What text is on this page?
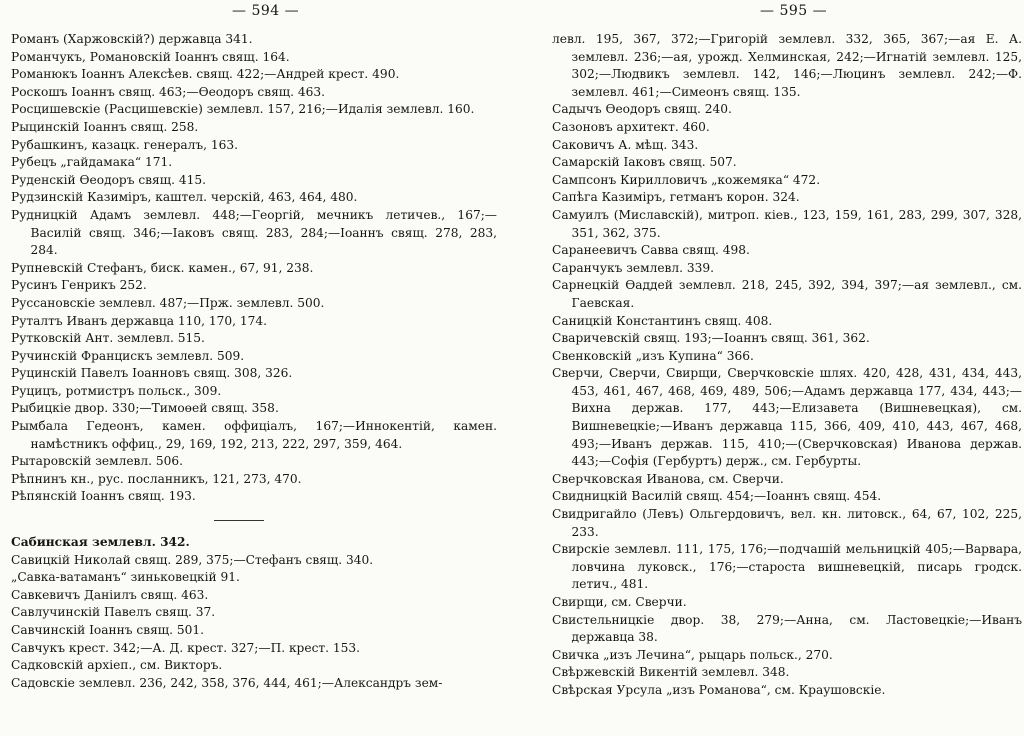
— 594 —

Романъ (Харжовскій?) державца 341.

Романчукъ, Романовскій Іоаннъ свящ. 164.

Романюкъ Іоаннъ Алексѣев. свящ. 422;—Андрей крест. 490.

Роскошъ Іоаннъ свящ. 463;—Өеодоръ свящ. 463.

Росцишевскіе (Расцишевскіе) землевл. 157, 216;—Идалія землевл. 160.

Рыцинскій Іоаннъ свящ. 258.

Рубашкинъ, казацк. генералъ, 163.

Рубецъ „гайдамака“ 171.

Руденскій Өеодоръ свящ. 415.

Рудзинскій Казиміръ, каштел. черскій, 463, 464, 480.

Рудницкій Адамъ землевл. 448;—Георгій, мечникъ летичев., 167;—Василій свящ. 346;—Іаковъ свящ. 283, 284;—Іоаннъ свящ. 278, 283, 284.

Рупневскій Стефанъ, биск. камен., 67, 91, 238.

Русинъ Генрикъ 252.

Руссановскіе землевл. 487;—Прж. землевл. 500.

Руталтъ Иванъ державца 110, 170, 174.

Рутковскій Ант. землевл. 515.

Ручинскій Францискъ землевл. 509.

Руцинскій Павелъ Іоанновъ свящ. 308, 326.

Руцицъ, ротмистръ польск., 309.

Рыбицкіе двор. 330;—Тимоөей свящ. 358.

Рымбала Гедеонъ, камен. оффиціалъ, 167;—Иннокентій, камен. намѣстникъ оффиц., 29, 169, 192, 213, 222, 297, 359, 464.

Рытаровскій землевл. 506.

Рѣпнинъ кн., рус. посланникъ, 121, 273, 470.

Рѣпянскій Іоаннъ свящ. 193.

Сабинская землевл. 342.

Савицкій Николай свящ. 289, 375;—Стефанъ свящ. 340.

„Савка-ватаманъ“ зиньковецкій 91.

Савкевичъ Даніилъ свящ. 463.

Савлучинскій Павелъ свящ. 37.

Савчинскій Іоаннъ свящ. 501.

Савчукъ крест. 342;—А. Д. крест. 327;—П. крест. 153.

Садковскій архіеп., см. Викторъ.

Садовскіе землевл. 236, 242, 358, 376, 444, 461;—Александръ зем-

— 595 —

левл. 195, 367, 372;—Григорій землевл. 332, 365, 367;—ая Е. А. землевл. 236;—ая, урожд. Хелминская, 242;—Игнатій землевл. 125, 302;—Людвикъ землевл. 142, 146;—Люцинъ землевл. 242;—Ф. землевл. 461;—Симеонъ свящ. 135.

Садычъ Өеодоръ свящ. 240.

Сазоновъ архитект. 460.

Саковичъ А. мѣщ. 343.

Самарскій Іаковъ свящ. 507.

Сампсонъ Кирилловичъ „кожемяка“ 472.

Сапѣга Казиміръ, гетманъ корон. 324.

Самуилъ (Миславскій), митроп. кіев., 123, 159, 161, 283, 299, 307, 328, 351, 362, 375.

Саранеевичъ Савва свящ. 498.

Саранчукъ землевл. 339.

Сарнецкій Өаддей землевл. 218, 245, 392, 394, 397;—ая землевл., см. Гаевская.

Саницкій Константинъ свящ. 408.

Сваричевскій свящ. 193;—Іоаннъ свящ. 361, 362.

Свенковскій „изъ Купина“ 366.

Сверчи, Сверчи, Свирщи, Сверчковскіе шлях. 420, 428, 431, 434, 443, 453, 461, 467, 468, 469, 489, 506;—Адамъ державца 177, 434, 443;—Вихна держав. 177, 443;—Елизавета (Вишневецкая), см. Вишневецкіе;—Иванъ державца 115, 366, 409, 410, 443, 467, 468, 493;—Иванъ держав. 115, 410;—(Сверчковская) Иванова держав. 443;—Софія (Гербуртъ) держ., см. Гербурты.

Сверчковская Иванова, см. Сверчи.

Свидницкій Василій свящ. 454;—Іоаннъ свящ. 454.

Свидригайло (Левъ) Ольгердовичъ, вел. кн. литовск., 64, 67, 102, 225, 233.

Свирскіе землевл. 111, 175, 176;—подчашій мельницкій 405;—Варвара, ловчина луковск., 176;—староста вишневецкій, писарь гродск. летич., 481.

Свирщи, см. Сверчи.

Свистельницкіе двор. 38, 279;—Анна, см. Ластовецкіе;—Иванъ державца 38.

Свичка „изъ Лечина“, рыцарь польск., 270.

Свѣржевскій Викентій землевл. 348.

Свѣрская Урсула „изъ Романова“, см. Краушовскіе.
